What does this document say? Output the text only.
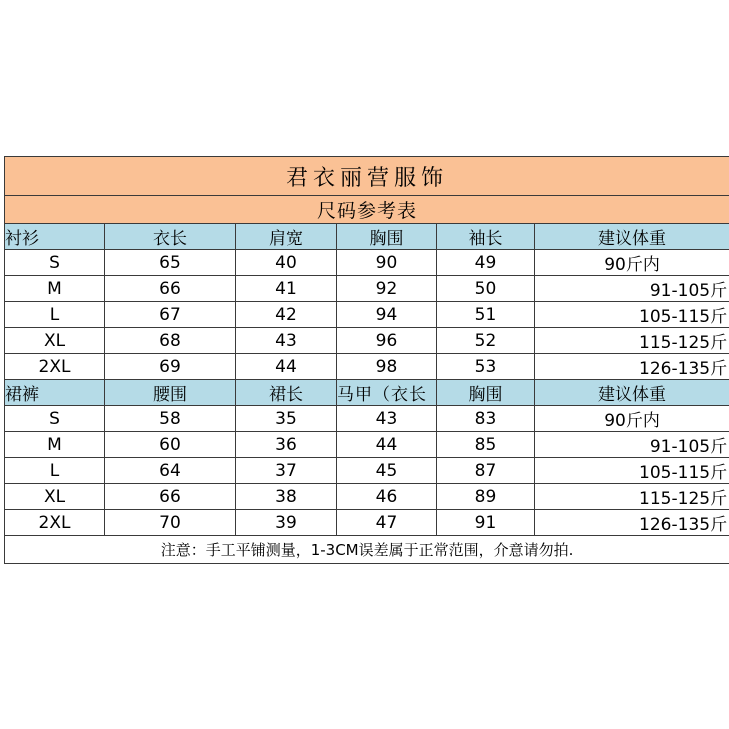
君衣丽营服饰					
尺码参考表					
衬衫	衣长	肩宽	胸围	袖长	建议体重
S	65	40	90	49	90斤内
M	66	41	92	50	91-105斤
L	67	42	94	51	105-115斤
XL	68	43	96	52	115-125斤
2XL	69	44	98	53	126-135斤
裙裤	腰围	裙长	马甲（衣长	胸围	建议体重
S	58	35	43	83	90斤内
M	60	36	44	85	91-105斤
L	64	37	45	87	105-115斤
XL	66	38	46	89	115-125斤
2XL	70	39	47	91	126-135斤
注意：手工平铺测量，1-3CM误差属于正常范围，介意请勿拍.					
